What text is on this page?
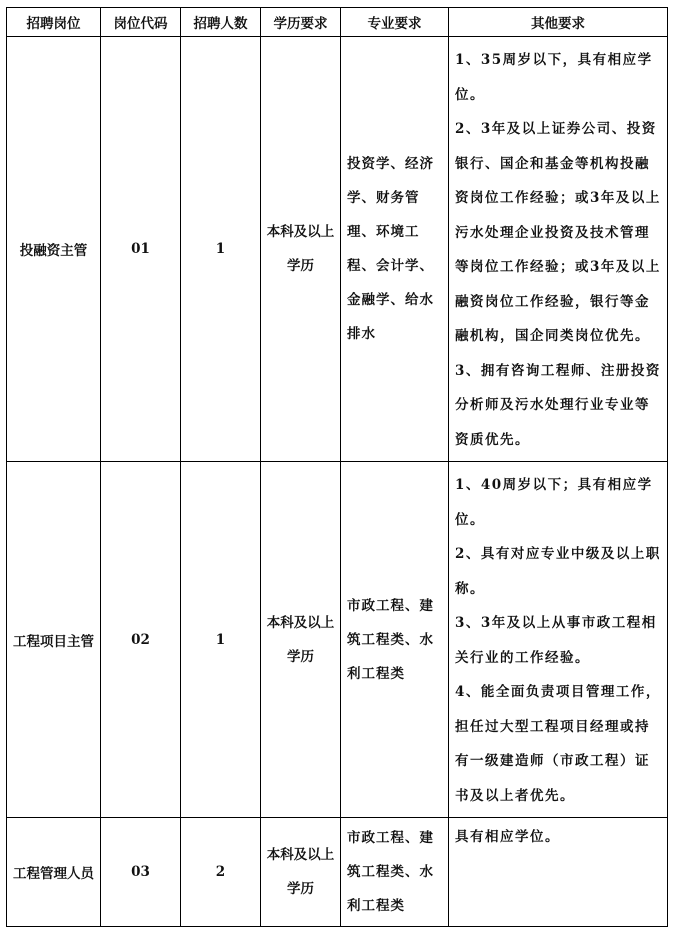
招聘岗位	岗位代码	招聘人数	学历要求	专业要求	其他要求
投融资主管	01	1	本科及以上学历	投资学、经济学、财务管理、环境工程、会计学、金融学、给水排水	1、35周岁以下，具有相应学位。

2、3年及以上证券公司、投资银行、国企和基金等机构投融资岗位工作经验；或3年及以上污水处理企业投资及技术管理等岗位工作经验；或3年及以上融资岗位工作经验，银行等金融机构，国企同类岗位优先。

3、拥有咨询工程师、注册投资分析师及污水处理行业专业等资质优先。

工程项目主管	02	1	本科及以上学历	市政工程、建筑工程类、水利工程类	1、40周岁以下；具有相应学位。

2、具有对应专业中级及以上职称。

3、3年及以上从事市政工程相关行业的工作经验。

4、能全面负责项目管理工作，担任过大型工程项目经理或持有一级建造师（市政工程）证书及以上者优先。

工程管理人员	03	2	本科及以上学历	市政工程、建筑工程类、水利工程类	具有相应学位。
